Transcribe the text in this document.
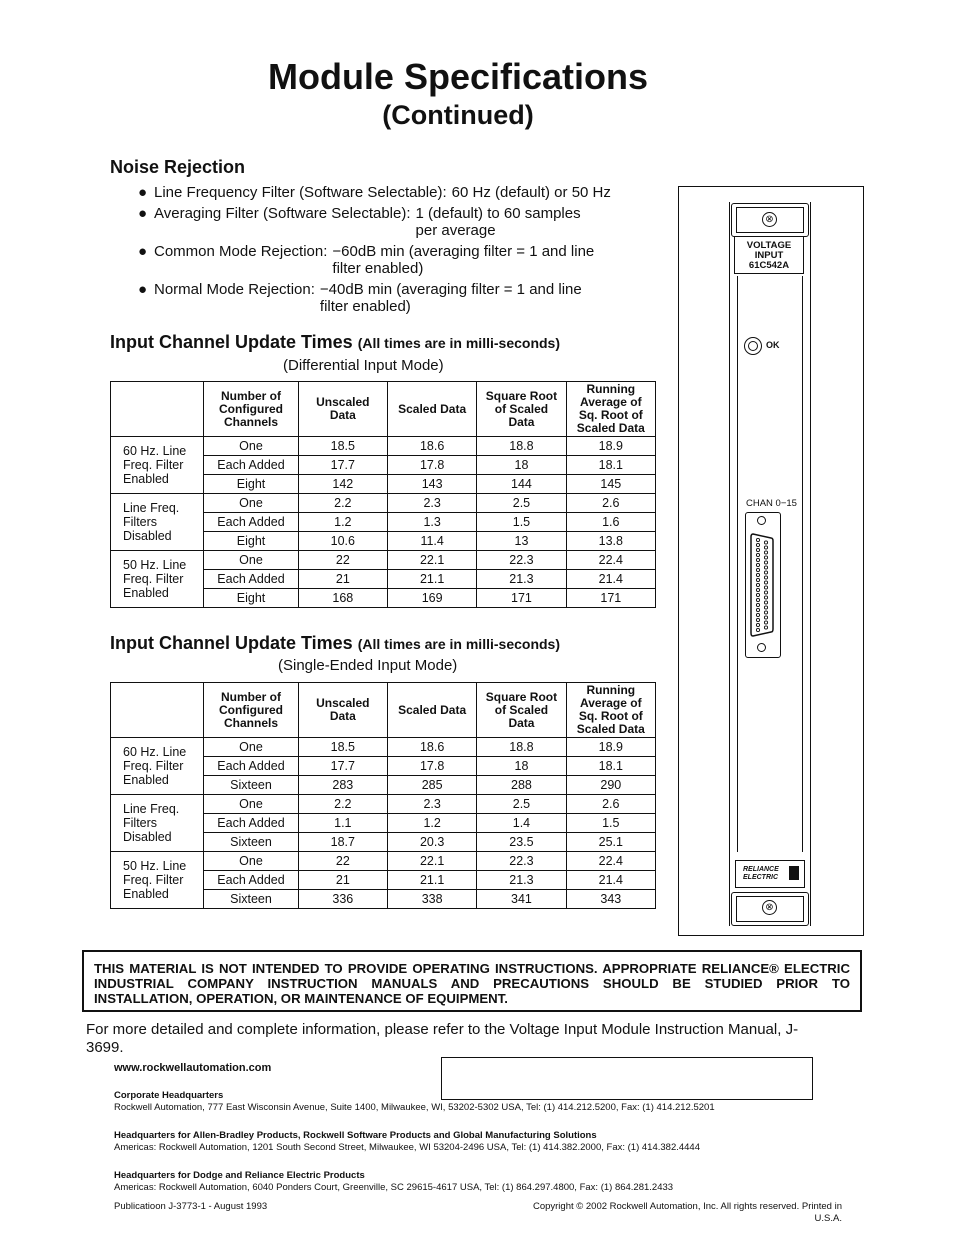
Module Specifications
(Continued)
Noise Rejection
● Line Frequency Filter (Software Selectable): 60 Hz (default) or 50 Hz
● Averaging Filter (Software Selectable): 1 (default) to 60 samples per average
● Common Mode Rejection: −60dB min (averaging filter = 1 and line filter enabled)
● Normal Mode Rejection: −40dB min (averaging filter = 1 and line filter enabled)
Input Channel Update Times (All times are in milli-seconds)
(Differential Input Mode)
	Number of Configured Channels	Unscaled Data	Scaled Data	Square Root of Scaled Data	Running Average of Sq. Root of Scaled Data
60 Hz. Line Freq. Filter Enabled	One	18.5	18.6	18.8	18.9
	Each Added	17.7	17.8	18	18.1
	Eight	142	143	144	145
Line Freq. Filters Disabled	One	2.2	2.3	2.5	2.6
	Each Added	1.2	1.3	1.5	1.6
	Eight	10.6	11.4	13	13.8
50 Hz. Line Freq. Filter Enabled	One	22	22.1	22.3	22.4
	Each Added	21	21.1	21.3	21.4
	Eight	168	169	171	171
Input Channel Update Times (All times are in milli-seconds)
(Single-Ended Input Mode)
	Number of Configured Channels	Unscaled Data	Scaled Data	Square Root of Scaled Data	Running Average of Sq. Root of Scaled Data
60 Hz. Line Freq. Filter Enabled	One	18.5	18.6	18.8	18.9
	Each Added	17.7	17.8	18	18.1
	Sixteen	283	285	288	290
Line Freq. Filters Disabled	One	2.2	2.3	2.5	2.6
	Each Added	1.1	1.2	1.4	1.5
	Sixteen	18.7	20.3	23.5	25.1
50 Hz. Line Freq. Filter Enabled	One	22	22.1	22.3	22.4
	Each Added	21	21.1	21.3	21.4
	Sixteen	336	338	341	343
⊗
VOLTAGE
INPUT
61C542A
OK
CHAN 0−15
RELIANCE
ELECTRIC
⊗
THIS MATERIAL IS NOT INTENDED TO PROVIDE OPERATING INSTRUCTIONS. APPROPRIATE RELIANCE® ELECTRIC INDUSTRIAL COMPANY INSTRUCTION MANUALS AND PRECAUTIONS SHOULD BE STUDIED PRIOR TO INSTALLATION, OPERATION, OR MAINTENANCE OF EQUIPMENT.
For more detailed and complete information, please refer to the Voltage Input Module Instruction Manual, J-3699.
www.rockwellautomation.com
Corporate Headquarters
Rockwell Automation, 777 East Wisconsin Avenue, Suite 1400, Milwaukee, WI, 53202-5302 USA, Tel: (1) 414.212.5200, Fax: (1) 414.212.5201
Headquarters for Allen-Bradley Products, Rockwell Software Products and Global Manufacturing Solutions
Americas: Rockwell Automation, 1201 South Second Street, Milwaukee, WI 53204-2496 USA, Tel: (1) 414.382.2000, Fax: (1) 414.382.4444
Headquarters for Dodge and Reliance Electric Products
Americas: Rockwell Automation, 6040 Ponders Court, Greenville, SC 29615-4617 USA, Tel: (1) 864.297.4800, Fax: (1) 864.281.2433
Publicatioon J-3773-1 - August 1993	Copyright © 2002 Rockwell Automation, Inc. All rights reserved. Printed in U.S.A.
